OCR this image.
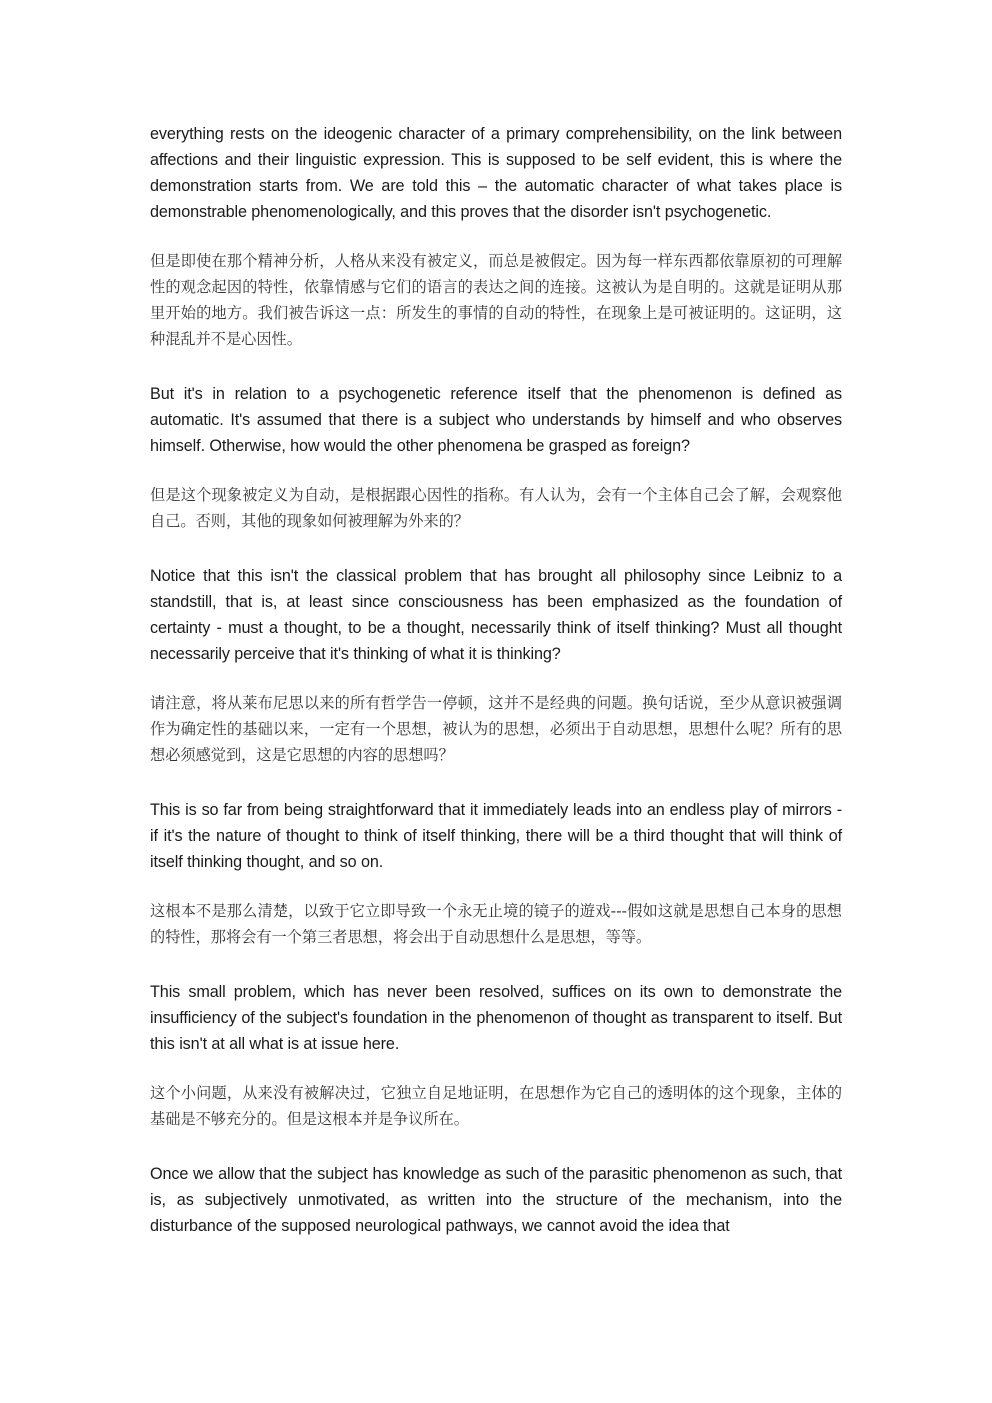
everything rests on the ideogenic character of a primary comprehensibility, on the link between affections and their linguistic expression. This is supposed to be self evident, this is where the demonstration starts from. We are told this – the automatic character of what takes place is demonstrable phenomenologically, and this proves that the disorder isn't psychogenetic.

但是即使在那个精神分析，人格从来没有被定义，而总是被假定。因为每一样东西都依靠原初的可理解性的观念起因的特性，依靠情感与它们的语言的表达之间的连接。这被认为是自明的。这就是证明从那里开始的地方。我们被告诉这一点：所发生的事情的自动的特性，在现象上是可被证明的。这证明，这种混乱并不是心因性。

But it's in relation to a psychogenetic reference itself that the phenomenon is defined as automatic. It's assumed that there is a subject who understands by himself and who observes himself. Otherwise, how would the other phenomena be grasped as foreign?

但是这个现象被定义为自动，是根据跟心因性的指称。有人认为，会有一个主体自己会了解，会观察他自己。否则，其他的现象如何被理解为外来的？

Notice that this isn't the classical problem that has brought all philosophy since Leibniz to a standstill, that is, at least since consciousness has been emphasized as the foundation of certainty - must a thought, to be a thought, necessarily think of itself thinking? Must all thought necessarily perceive that it's thinking of what it is thinking?

请注意，将从莱布尼思以来的所有哲学告一停顿，这并不是经典的问题。换句话说，至少从意识被强调作为确定性的基础以来，一定有一个思想，被认为的思想，必须出于自动思想，思想什么呢？所有的思想必须感觉到，这是它思想的内容的思想吗？

This is so far from being straightforward that it immediately leads into an endless play of mirrors - if it's the nature of thought to think of itself thinking, there will be a third thought that will think of itself thinking thought, and so on.

这根本不是那么清楚，以致于它立即导致一个永无止境的镜子的遊戏---假如这就是思想自己本身的思想的特性，那将会有一个第三者思想，将会出于自动思想什么是思想，等等。

This small problem, which has never been resolved, suffices on its own to demonstrate the insufficiency of the subject's foundation in the phenomenon of thought as transparent to itself. But this isn't at all what is at issue here.

这个小问题，从来没有被解决过，它独立自足地证明，在思想作为它自己的透明体的这个现象，主体的基础是不够充分的。但是这根本并是争议所在。

Once we allow that the subject has knowledge as such of the parasitic phenomenon as such, that is, as subjectively unmotivated, as written into the structure of the mechanism, into the disturbance of the supposed neurological pathways, we cannot avoid the idea that
